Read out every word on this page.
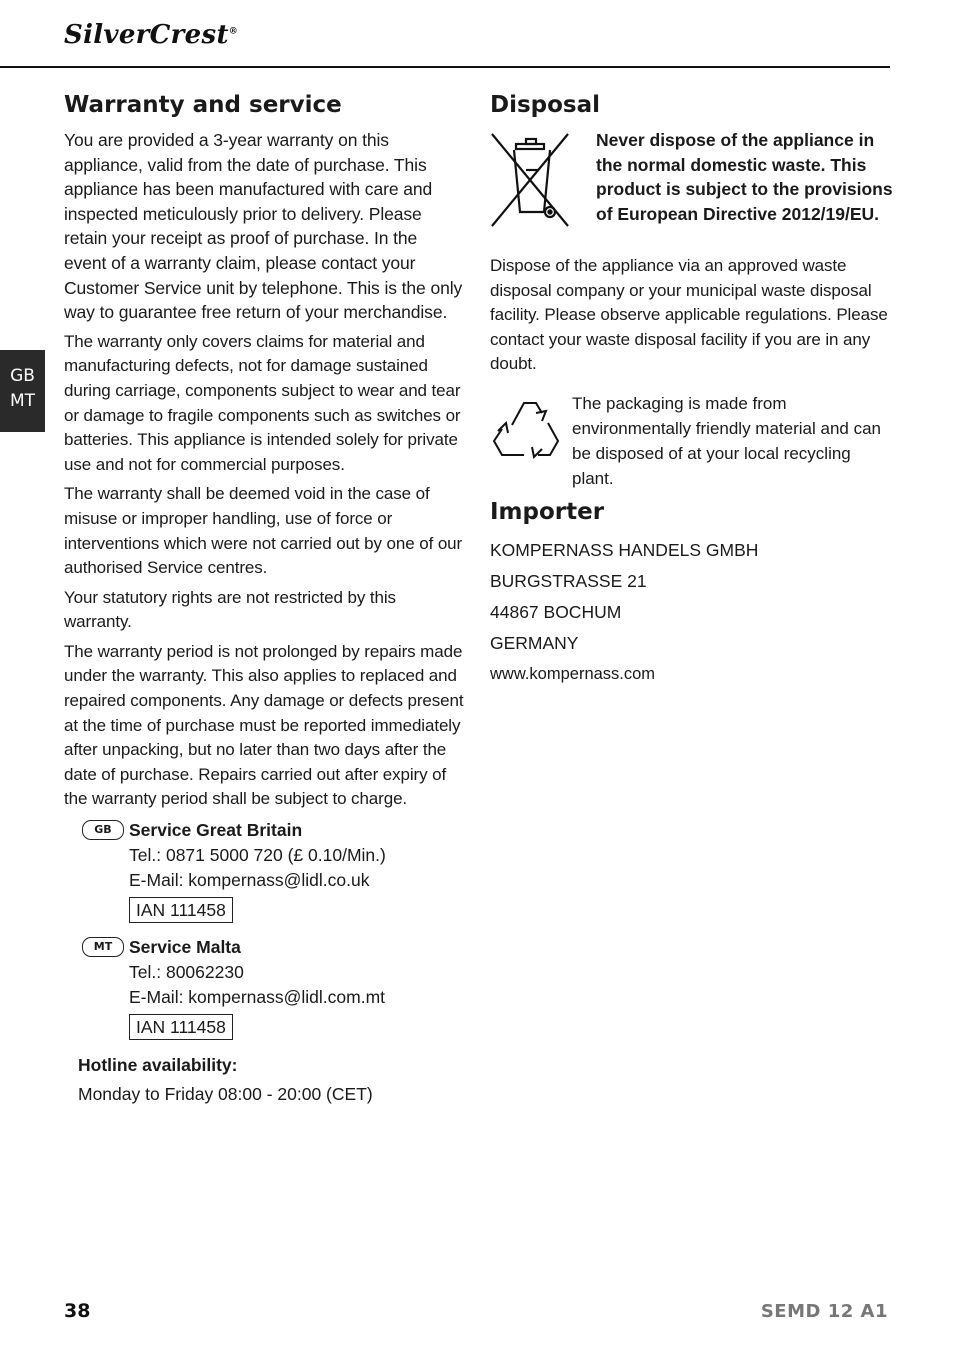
SilverCrest®
GB
MT
Warranty and service

You are provided a 3-year warranty on this appliance, valid from the date of purchase. This appliance has been manufactured with care and inspected meticulously prior to delivery. Please retain your receipt as proof of purchase. In the event of a warranty claim, please contact your Customer Service unit by telephone. This is the only way to guarantee free return of your merchandise.

The warranty only covers claims for material and manufacturing defects, not for damage sustained during carriage, components subject to wear and tear or damage to fragile components such as switches or batteries. This appliance is intended solely for private use and not for commercial purposes.

The warranty shall be deemed void in the case of misuse or improper handling, use of force or interventions which were not carried out by one of our authorised Service centres.

Your statutory rights are not restricted by this warranty.

The warranty period is not prolonged by repairs made under the warranty. This also applies to replaced and repaired components. Any damage or defects present at the time of purchase must be reported immediately after unpacking, but no later than two days after the date of purchase. Repairs carried out after expiry of the warranty period shall be subject to charge.

GB Service Great Britain
Tel.: 0871 5000 720 (£ 0.10/Min.)
E-Mail: kompernass@lidl.co.uk
IAN 111458
MT Service Malta
Tel.: 80062230
E-Mail: kompernass@lidl.com.mt
IAN 111458
Hotline availability:
Monday to Friday 08:00 - 20:00 (CET)
Disposal
Never dispose of the appliance in the normal domestic waste. This product is subject to the provisions of European Directive 2012/19/EU.

Dispose of the appliance via an approved waste disposal company or your municipal waste disposal facility. Please observe applicable regulations. Please contact your waste disposal facility if you are in any doubt.

The packaging is made from environmentally friendly material and can be disposed of at your local recycling plant.
Importer
KOMPERNASS HANDELS GMBH
BURGSTRASSE 21
44867 BOCHUM
GERMANY
www.kompernass.com
38	SEMD 12 A1
